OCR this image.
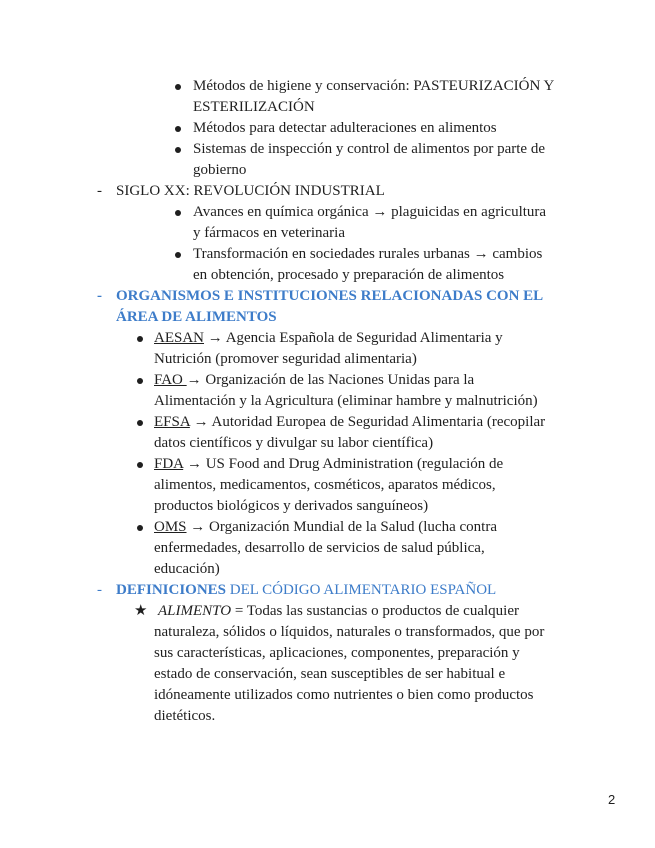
Métodos de higiene y conservación: PASTEURIZACIÓN Y
ESTERILIZACIÓN
Métodos para detectar adulteraciones en alimentos
Sistemas de inspección y control de alimentos por parte de
gobierno
- SIGLO XX: REVOLUCIÓN INDUSTRIAL
Avances en química orgánica → plaguicidas en agricultura
y fármacos en veterinaria
Transformación en sociedades rurales urbanas → cambios
en obtención, procesado y preparación de alimentos
- ORGANISMOS E INSTITUCIONES RELACIONADAS CON EL
ÁREA DE ALIMENTOS
AESAN → Agencia Española de Seguridad Alimentaria y
Nutrición (promover seguridad alimentaria)
FAO → Organización de las Naciones Unidas para la
Alimentación y la Agricultura (eliminar hambre y malnutrición)
EFSA → Autoridad Europea de Seguridad Alimentaria (recopilar
datos científicos y divulgar su labor científica)
FDA → US Food and Drug Administration (regulación de
alimentos, medicamentos, cosméticos, aparatos médicos,
productos biológicos y derivados sanguíneos)
OMS → Organización Mundial de la Salud (lucha contra
enfermedades, desarrollo de servicios de salud pública,
educación)
- DEFINICIONES DEL CÓDIGO ALIMENTARIO ESPAÑOL
★ ALIMENTO = Todas las sustancias o productos de cualquier
naturaleza, sólidos o líquidos, naturales o transformados, que por
sus características, aplicaciones, componentes, preparación y
estado de conservación, sean susceptibles de ser habitual e
idóneamente utilizados como nutrientes o bien como productos
dietéticos.
2
